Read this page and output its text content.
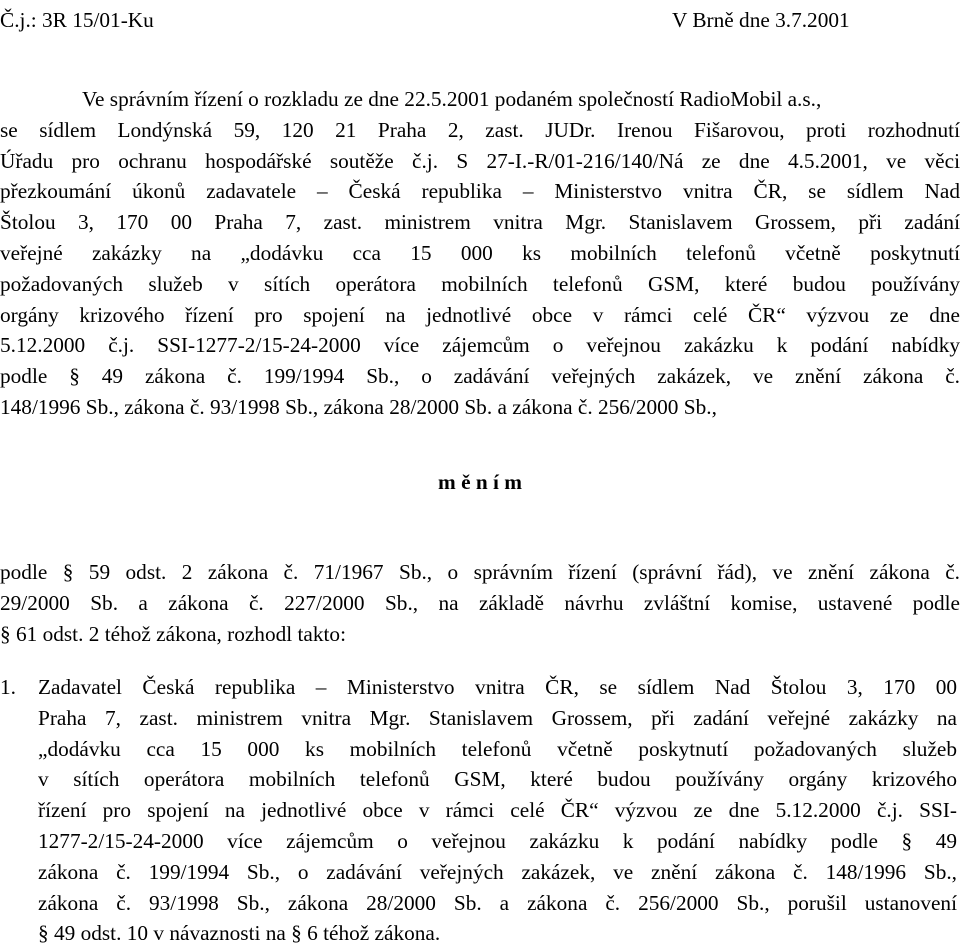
Č.j.: 3R 15/01-Ku	V Brně dne 3.7.2001
Ve správním řízení o rozkladu ze dne 22.5.2001 podaném společností RadioMobil a.s.,
se sídlem Londýnská 59, 120 21 Praha 2, zast. JUDr. Irenou Fišarovou, proti rozhodnutí
Úřadu pro ochranu hospodářské soutěže č.j. S 27-I.-R/01-216/140/Ná ze dne 4.5.2001, ve věci
přezkoumání úkonů zadavatele – Česká republika – Ministerstvo vnitra ČR, se sídlem Nad
Štolou 3, 170 00 Praha 7, zast. ministrem vnitra Mgr. Stanislavem Grossem, při zadání
veřejné zakázky na „dodávku cca 15 000 ks mobilních telefonů včetně poskytnutí
požadovaných služeb v sítích operátora mobilních telefonů GSM, které budou používány
orgány krizového řízení pro spojení na jednotlivé obce v rámci celé ČR“ výzvou ze dne
5.12.2000 č.j. SSI-1277-2/15-24-2000 více zájemcům o veřejnou zakázku k podání nabídky
podle § 49 zákona č. 199/1994 Sb., o zadávání veřejných zakázek, ve znění zákona č.
148/1996 Sb., zákona č. 93/1998 Sb., zákona 28/2000 Sb. a zákona č. 256/2000 Sb.,
m ě n í m
podle § 59 odst. 2 zákona č. 71/1967 Sb., o správním řízení (správní řád), ve znění zákona č.
29/2000 Sb. a zákona č. 227/2000 Sb., na základě návrhu zvláštní komise, ustavené podle
§ 61 odst. 2 téhož zákona, rozhodl takto:
1. Zadavatel Česká republika – Ministerstvo vnitra ČR, se sídlem Nad Štolou 3, 170 00
Praha 7, zast. ministrem vnitra Mgr. Stanislavem Grossem, při zadání veřejné zakázky na
„dodávku cca 15 000 ks mobilních telefonů včetně poskytnutí požadovaných služeb
v sítích operátora mobilních telefonů GSM, které budou používány orgány krizového
řízení pro spojení na jednotlivé obce v rámci celé ČR“ výzvou ze dne 5.12.2000 č.j. SSI-
1277-2/15-24-2000 více zájemcům o veřejnou zakázku k podání nabídky podle § 49
zákona č. 199/1994 Sb., o zadávání veřejných zakázek, ve znění zákona č. 148/1996 Sb.,
zákona č. 93/1998 Sb., zákona 28/2000 Sb. a zákona č. 256/2000 Sb., porušil ustanovení
§ 49 odst. 10 v návaznosti na § 6 téhož zákona.
